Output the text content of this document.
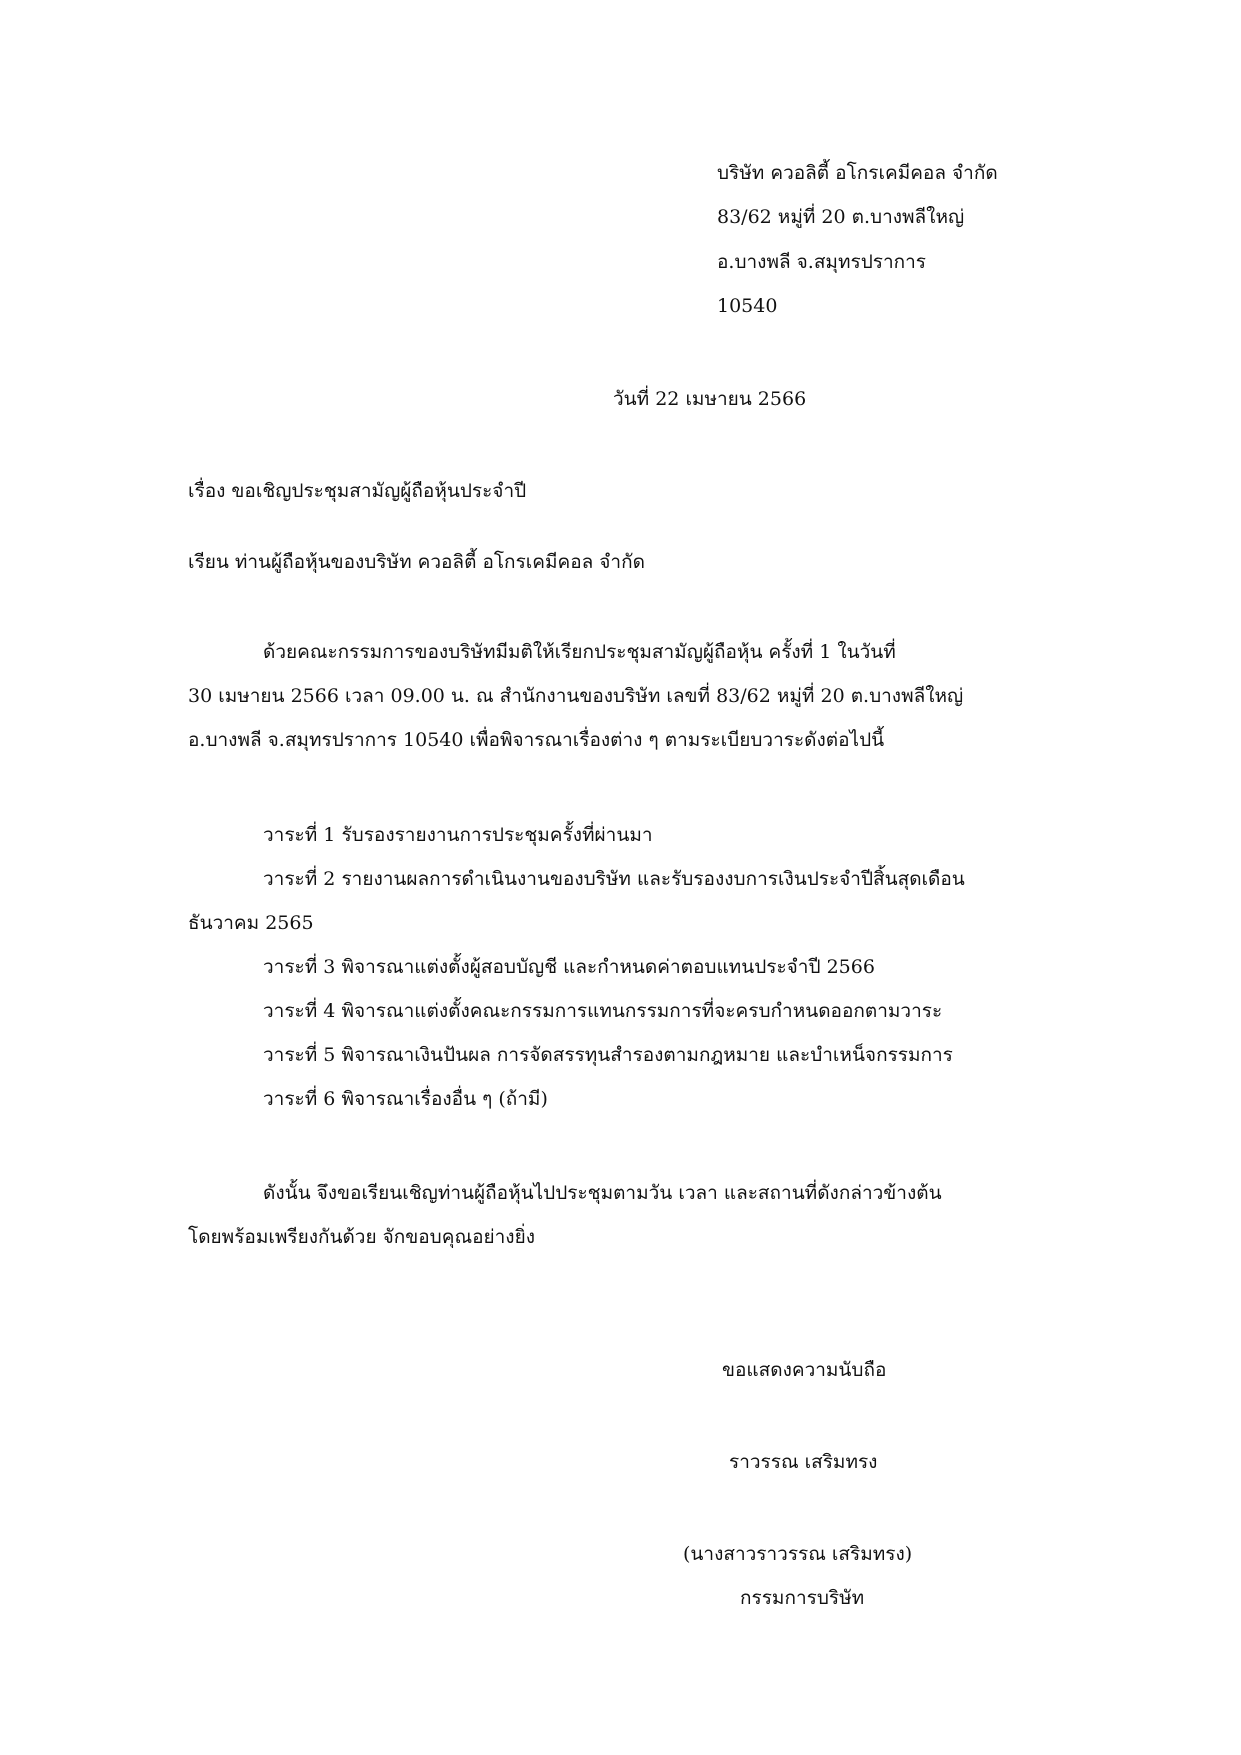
บริษัท ควอลิตี้ อโกรเคมีคอล จำกัด
83/62 หมู่ที่ 20 ต.บางพลีใหญ่
อ.บางพลี จ.สมุทรปราการ
10540
วันที่ 22 เมษายน 2566
เรื่อง ขอเชิญประชุมสามัญผู้ถือหุ้นประจำปี
เรียน ท่านผู้ถือหุ้นของบริษัท ควอลิตี้ อโกรเคมีคอล จำกัด
ด้วยคณะกรรมการของบริษัทมีมติให้เรียกประชุมสามัญผู้ถือหุ้น ครั้งที่ 1 ในวันที่
30 เมษายน 2566 เวลา 09.00 น. ณ สำนักงานของบริษัท เลขที่ 83/62 หมู่ที่ 20 ต.บางพลีใหญ่
อ.บางพลี จ.สมุทรปราการ 10540 เพื่อพิจารณาเรื่องต่าง ๆ ตามระเบียบวาระดังต่อไปนี้
วาระที่ 1 รับรองรายงานการประชุมครั้งที่ผ่านมา
วาระที่ 2 รายงานผลการดำเนินงานของบริษัท และรับรองงบการเงินประจำปีสิ้นสุดเดือน
ธันวาคม 2565
วาระที่ 3 พิจารณาแต่งตั้งผู้สอบบัญชี และกำหนดค่าตอบแทนประจำปี 2566
วาระที่ 4 พิจารณาแต่งตั้งคณะกรรมการแทนกรรมการที่จะครบกำหนดออกตามวาระ
วาระที่ 5 พิจารณาเงินปันผล การจัดสรรทุนสำรองตามกฎหมาย และบำเหน็จกรรมการ
วาระที่ 6 พิจารณาเรื่องอื่น ๆ (ถ้ามี)
ดังนั้น จึงขอเรียนเชิญท่านผู้ถือหุ้นไปประชุมตามวัน เวลา และสถานที่ดังกล่าวข้างต้น
โดยพร้อมเพรียงกันด้วย จักขอบคุณอย่างยิ่ง
ขอแสดงความนับถือ
ราวรรณ เสริมทรง
(นางสาวราวรรณ เสริมทรง)
กรรมการบริษัท
